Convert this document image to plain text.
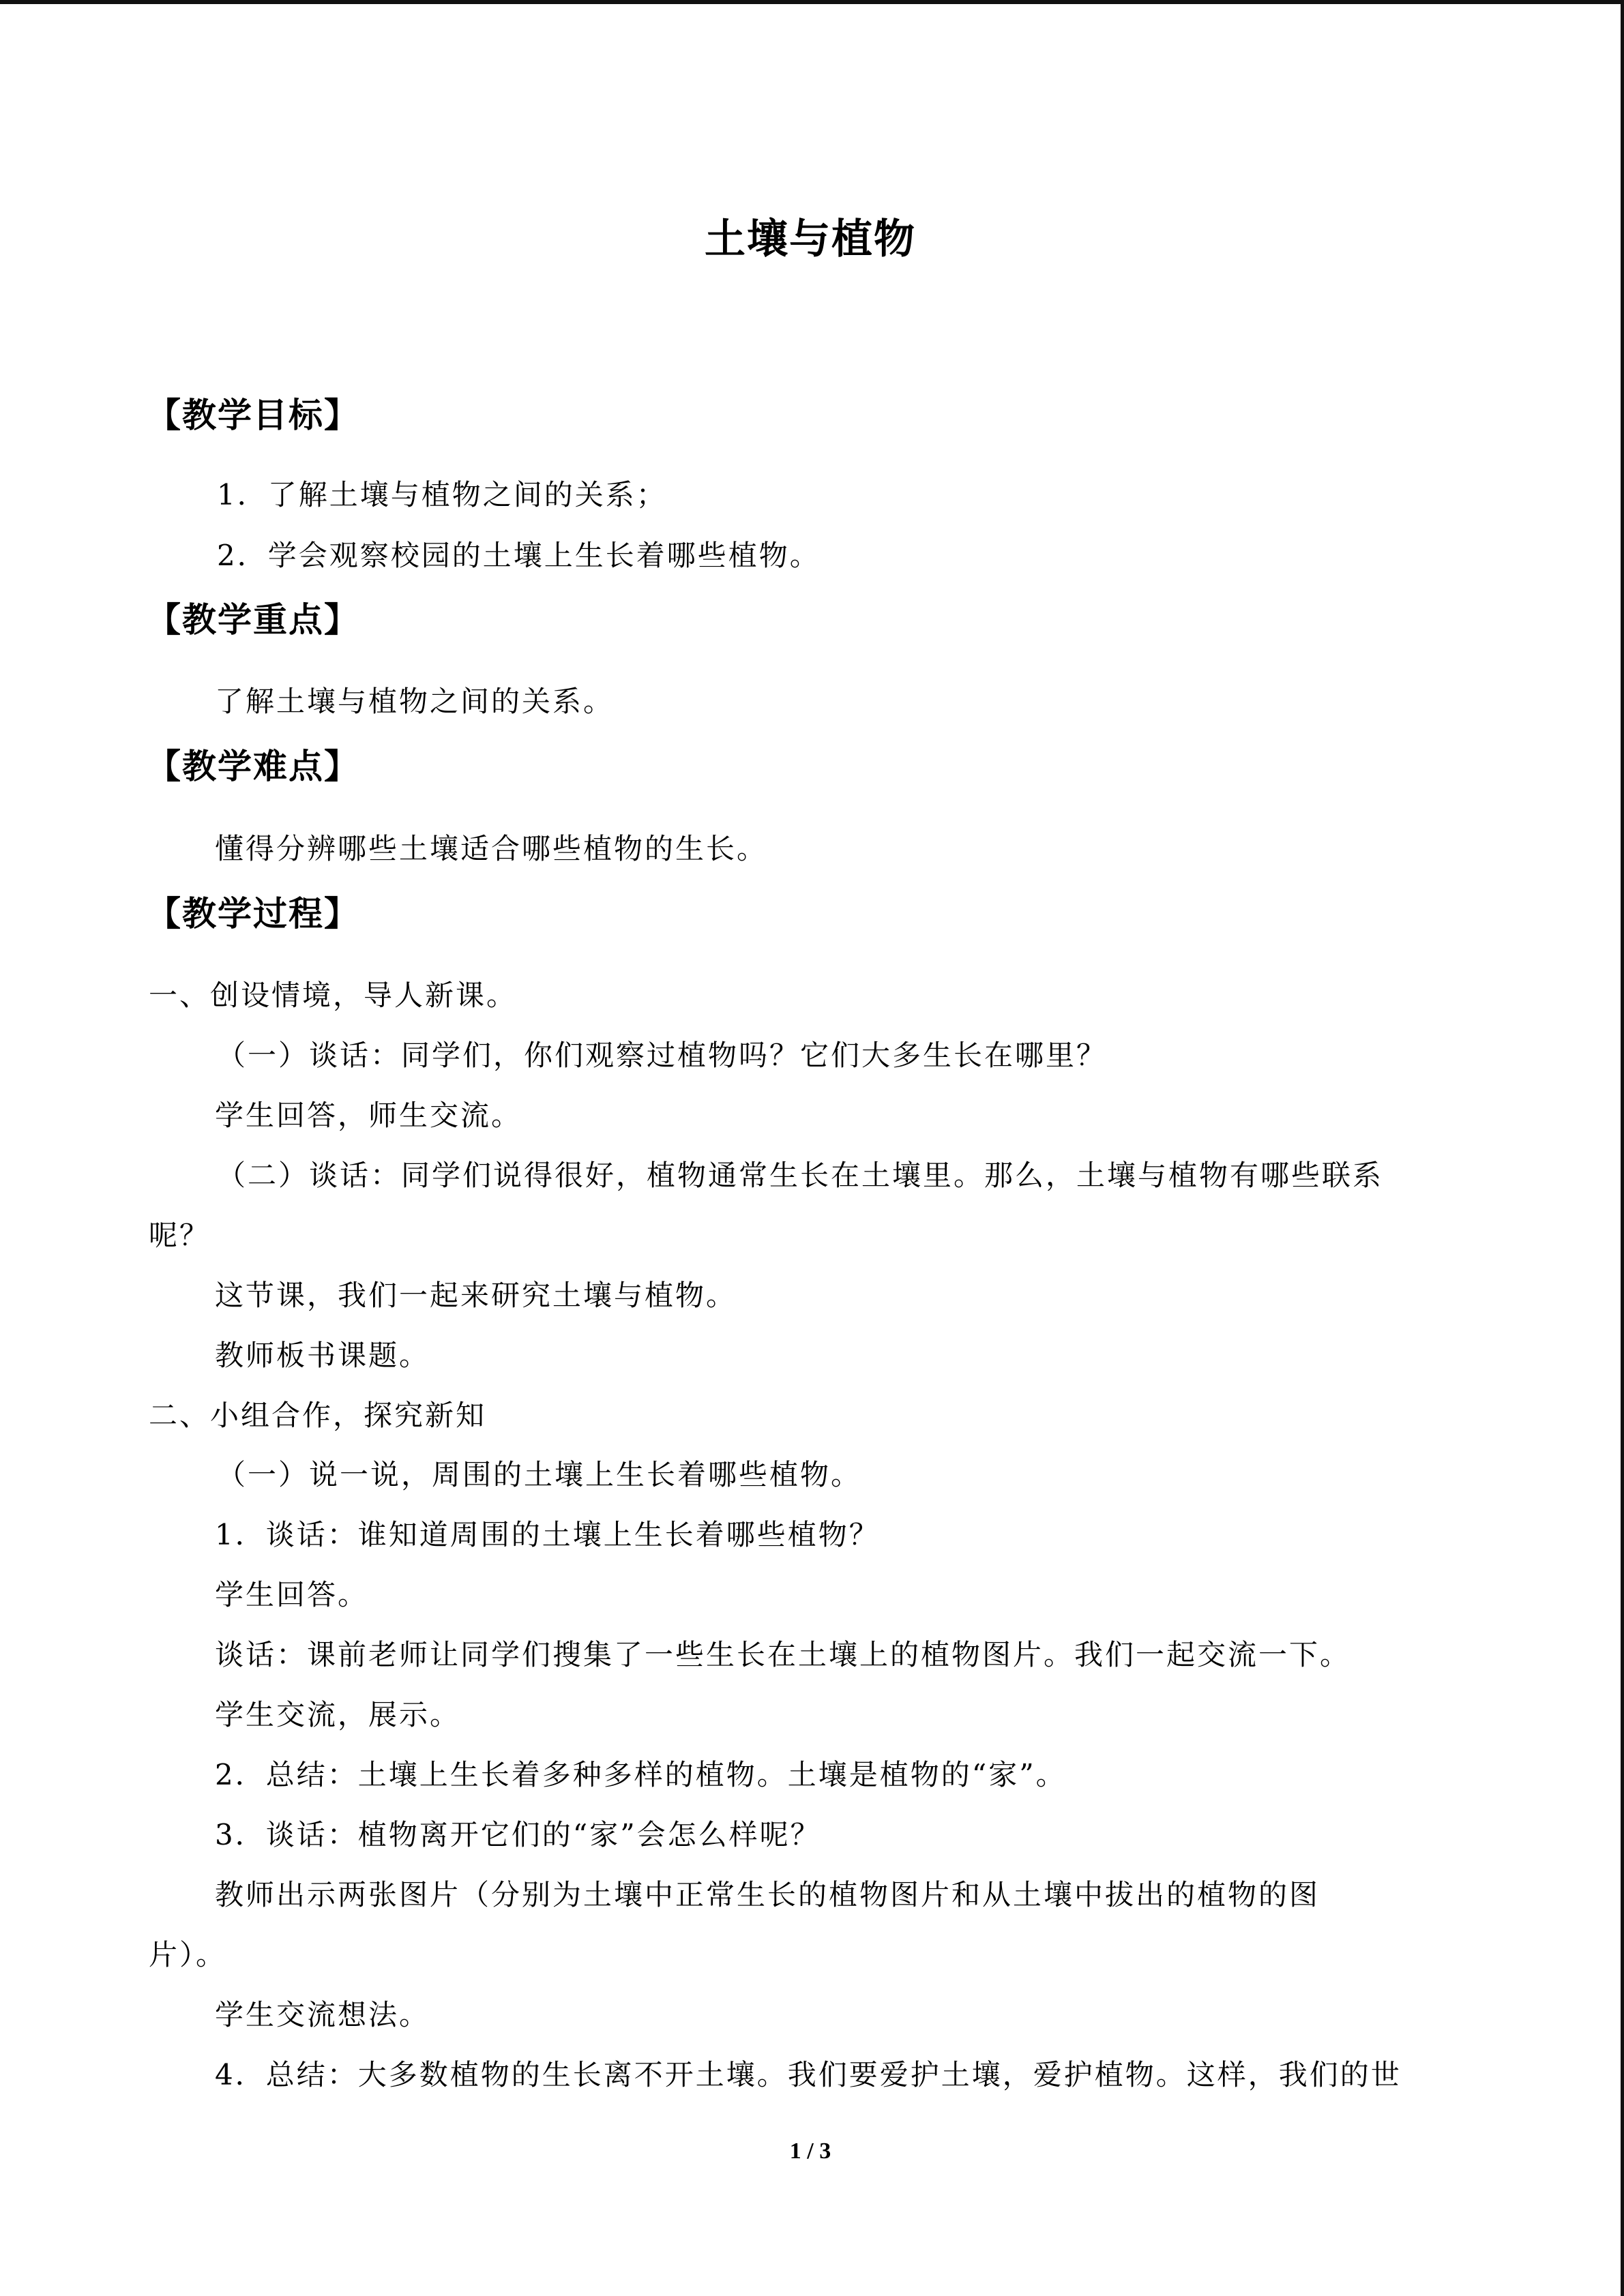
土壤与植物
【教学目标】
1．了解土壤与植物之间的关系；
2．学会观察校园的土壤上生长着哪些植物。
【教学重点】
了解土壤与植物之间的关系。
【教学难点】
懂得分辨哪些土壤适合哪些植物的生长。
【教学过程】
一、创设情境，导人新课。
（一）谈话：同学们，你们观察过植物吗？它们大多生长在哪里？
学生回答，师生交流。
（二）谈话：同学们说得很好，植物通常生长在土壤里。那么，土壤与植物有哪些联系
呢？
这节课，我们一起来研究土壤与植物。
教师板书课题。
二、小组合作，探究新知
（一）说一说，周围的土壤上生长着哪些植物。
1．谈话：谁知道周围的土壤上生长着哪些植物？
学生回答。
谈话：课前老师让同学们搜集了一些生长在土壤上的植物图片。我们一起交流一下。
学生交流，展示。
2．总结：土壤上生长着多种多样的植物。土壤是植物的“家”。
3．谈话：植物离开它们的“家”会怎么样呢？
教师出示两张图片（分别为土壤中正常生长的植物图片和从土壤中拔出的植物的图
片）。
学生交流想法。
4．总结：大多数植物的生长离不开土壤。我们要爱护土壤，爱护植物。这样，我们的世
1 / 3
